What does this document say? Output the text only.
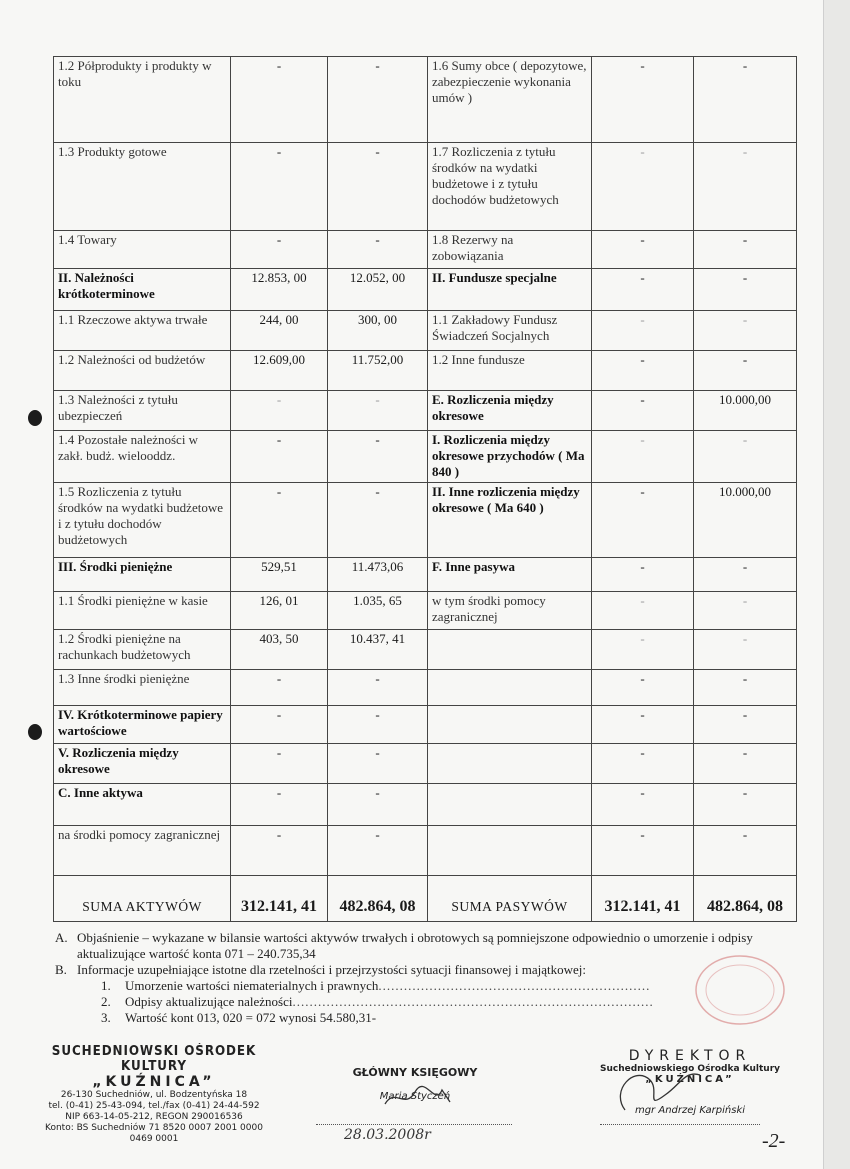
1.2 Półprodukty i produkty w toku	-	-	1.6 Sumy obce ( depozytowe, zabezpieczenie wykonania umów )	-	-
1.3 Produkty gotowe	-	-	1.7 Rozliczenia z tytułu środków na wydatki budżetowe i z tytułu dochodów budżetowych	-	-
1.4 Towary	-	-	1.8 Rezerwy na zobowiązania	-	-
II. Należności krótkoterminowe	12.853, 00	12.052, 00	II. Fundusze specjalne	-	-
1.1 Rzeczowe aktywa trwałe	244, 00	300, 00	1.1 Zakładowy Fundusz Świadczeń Socjalnych	-	-
1.2 Należności od budżetów	12.609,00	11.752,00	1.2 Inne fundusze	-	-
1.3 Należności z tytułu ubezpieczeń	-	-	E. Rozliczenia między okresowe	-	10.000,00
1.4 Pozostałe należności w zakł. budż. wielooddz.	-	-	I. Rozliczenia między okresowe przychodów ( Ma 840 )	-	-
1.5 Rozliczenia z tytułu środków na wydatki budżetowe i z tytułu dochodów budżetowych	-	-	II. Inne rozliczenia między okresowe ( Ma 640 )	-	10.000,00
III. Środki pieniężne	529,51	11.473,06	F. Inne pasywa	-	-
1.1 Środki pieniężne w kasie	126, 01	1.035, 65	w tym środki pomocy zagranicznej	-	-
1.2 Środki pieniężne na rachunkach budżetowych	403, 50	10.437, 41		-	-
1.3 Inne środki pieniężne	-	-		-	-
IV. Krótkoterminowe papiery wartościowe	-	-		-	-
V. Rozliczenia między okresowe	-	-		-	-
C. Inne aktywa	-	-		-	-
na środki pomocy zagranicznej	-	-		-	-
SUMA AKTYWÓW	312.141, 41	482.864, 08	SUMA PASYWÓW	312.141, 41	482.864, 08
A. Objaśnienie – wykazane w bilansie wartości aktywów trwałych i obrotowych są pomniejszone odpowiednio o umorzenie i odpisy aktualizujące wartość konta 071 – 240.735,34
B. Informacje uzupełniające istotne dla rzetelności i przejrzystości sytuacji finansowej i majątkowej:
1.	Umorzenie wartości niematerialnych i prawnych ................................................................
2.	Odpisy aktualizujące należności .....................................................................................
3.	Wartość kont 013, 020 = 072 wynosi 54.580,31-
SUCHEDNIOWSKI OŚRODEK KULTURY
„KUŹNICA”
26-130 Suchedniów, ul. Bodzentyńska 18
tel. (0-41) 25-43-094, tel./fax (0-41) 24-44-592
NIP 663-14-05-212, REGON 290016536
Konto: BS Suchedniów 71 8520 0007 2001 0000 0469 0001
GŁÓWNY KSIĘGOWY
Maria Styczeń
28.03.2008r
DYREKTOR
Suchedniowskiego Ośrodka Kultury
„KUŹNICA”
mgr Andrzej Karpiński
-2-
